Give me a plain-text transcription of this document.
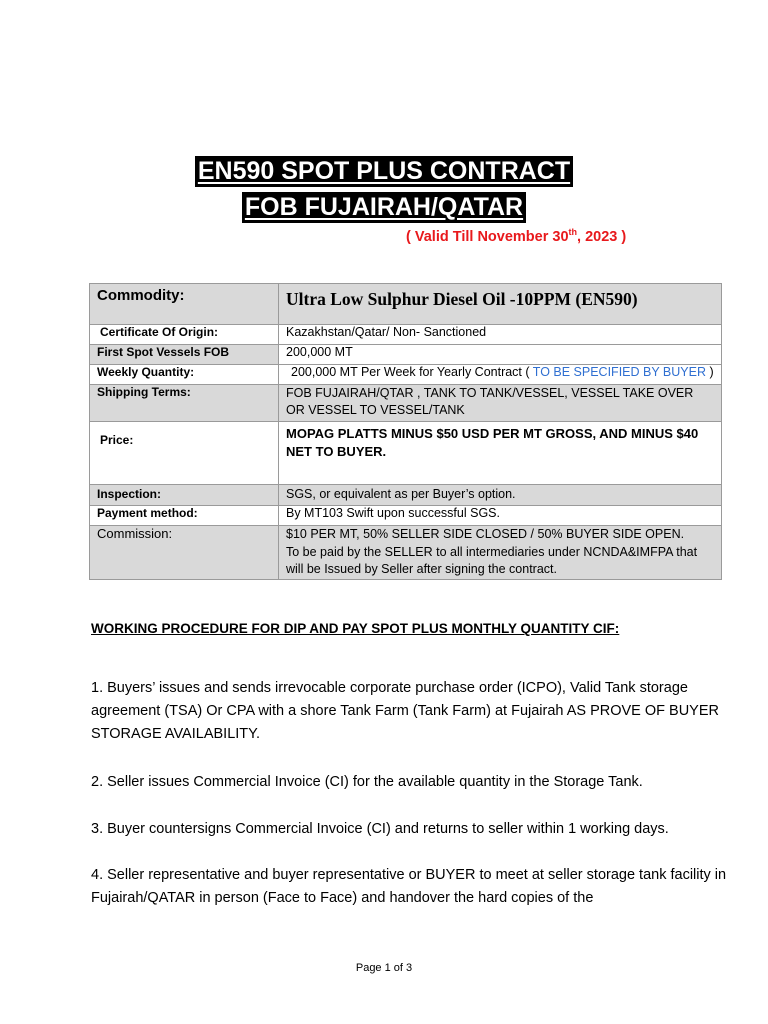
EN590 SPOT PLUS CONTRACT
FOB FUJAIRAH/QATAR
( Valid Till November 30th, 2023 )
Commodity:	Ultra Low Sulphur Diesel Oil -10PPM (EN590)
Certificate Of Origin:	Kazakhstan/Qatar/ Non- Sanctioned
First Spot Vessels FOB	200,000 MT
Weekly Quantity:	200,000 MT Per Week for Yearly Contract ( TO BE SPECIFIED BY BUYER )
Shipping Terms:	FOB FUJAIRAH/QTAR , TANK TO TANK/VESSEL, VESSEL TAKE OVER OR VESSEL TO VESSEL/TANK
Price:	MOPAG PLATTS MINUS $50 USD PER MT GROSS, AND MINUS $40 NET TO BUYER.
Inspection:	SGS, or equivalent as per Buyer’s option.
Payment method:	By MT103 Swift upon successful SGS.
Commission:	$10 PER MT, 50% SELLER SIDE CLOSED / 50% BUYER SIDE OPEN.
To be paid by the SELLER to all intermediaries under NCNDA&IMFPA that will be Issued by Seller after signing the contract.
WORKING PROCEDURE FOR DIP AND PAY SPOT PLUS MONTHLY QUANTITY CIF:
1. Buyers’ issues and sends irrevocable corporate purchase order (ICPO), Valid Tank storage agreement (TSA) Or CPA with a shore Tank Farm (Tank Farm) at Fujairah AS PROVE OF BUYER STORAGE AVAILABILITY.
2. Seller issues Commercial Invoice (CI) for the available quantity in the Storage Tank.
3. Buyer countersigns Commercial Invoice (CI) and returns to seller within 1 working days.
4. Seller representative and buyer representative or BUYER to meet at seller storage tank facility in Fujairah/QATAR in person (Face to Face) and handover the hard copies of the
Page 1 of 3
